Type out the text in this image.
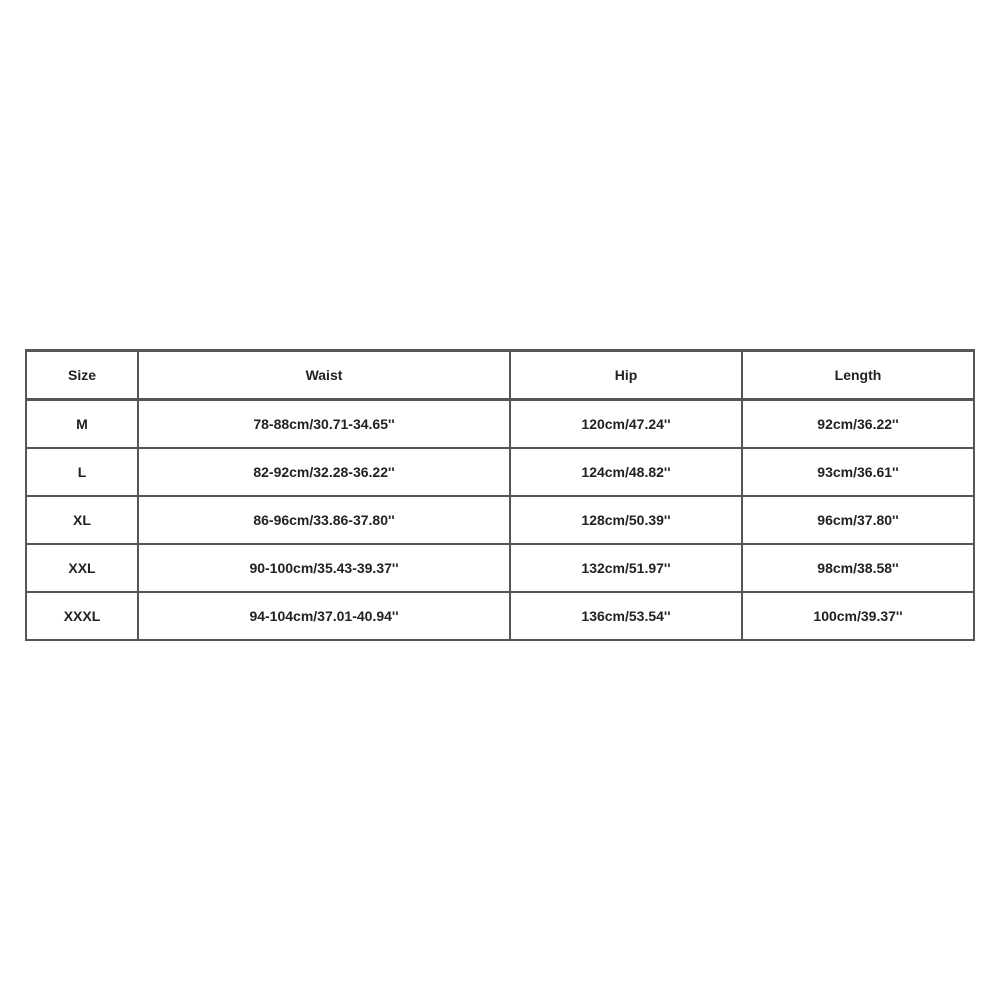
Size	Waist	Hip	Length
M	78-88cm/30.71-34.65''	120cm/47.24''	92cm/36.22''
L	82-92cm/32.28-36.22''	124cm/48.82''	93cm/36.61''
XL	86-96cm/33.86-37.80''	128cm/50.39''	96cm/37.80''
XXL	90-100cm/35.43-39.37''	132cm/51.97''	98cm/38.58''
XXXL	94-104cm/37.01-40.94''	136cm/53.54''	100cm/39.37''
